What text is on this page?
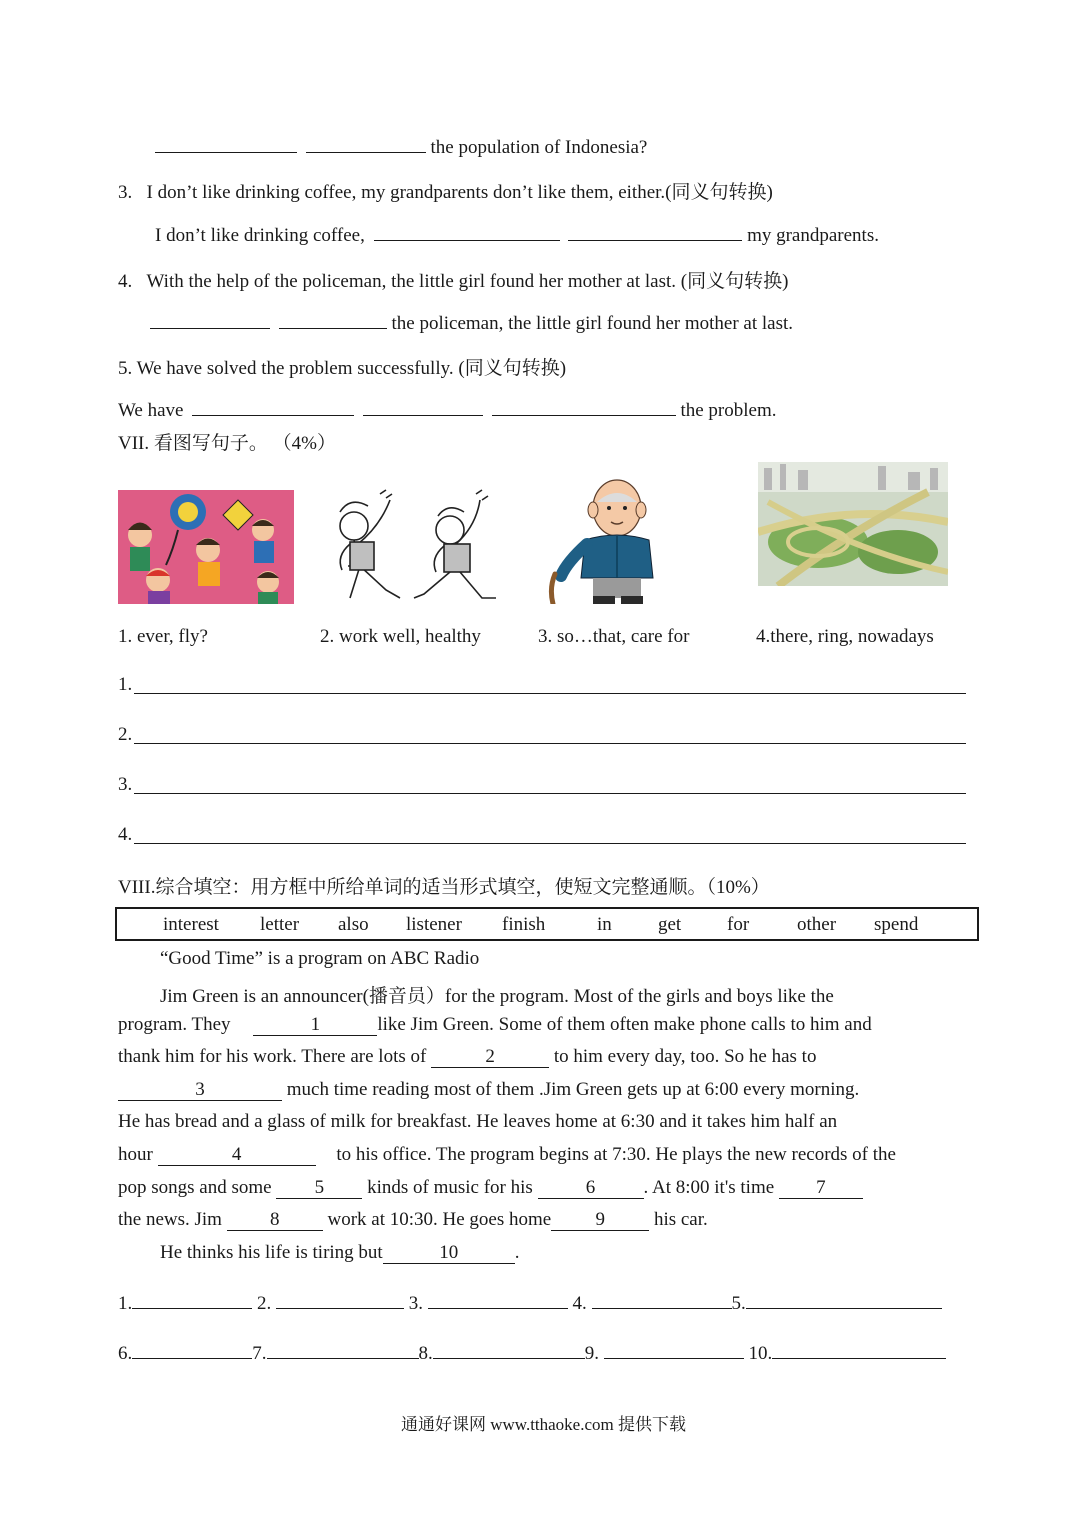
the population of Indonesia?
3.   I don’t like drinking coffee, my grandparents don’t like them, either.(同义句转换)
I don’t like drinking coffee,	my grandparents.
4.   With the help of the policeman, the little girl found her mother at last. (同义句转换)
the policeman, the little girl found her mother at last.
5. We have solved the problem successfully. (同义句转换)
We have	the problem.
VII. 看图写句子。 （4%）
1. ever, fly?	2. work well, healthy	3. so…that, care for	4.there, ring, nowadays
1.
2.
3.
4.
VIII.综合填空：用方框中所给单词的适当形式填空，使短文完整通顺。（10%）
interest letter also listener finish	in get for	other spend
“Good Time” is a program on ABC Radio
Jim Green is an announcer(播音员）for the program. Most of the girls and boys like the
program. They	1	like Jim Green. Some of them often make phone calls to him and
thank him for his work. There are lots of	2	to him every day, too. So he has to
3	much time reading most of them .Jim Green gets up at 6:00 every morning.
He has bread and a glass of milk for breakfast. He leaves home at 6:30 and it takes him half an
hour	4	to his office. The program begins at 7:30. He plays the new records of the
pop songs and some 5 kinds of music for his	6	. At 8:00 it's time 7
the news. Jim	8	work at 10:30. He goes home 9	his car.
He thinks his life is tiring but	10	.
1.	2.	3.	4.	5.
6.	7.	8.	9.	10.
通通好课网 www.tthaoke.com 提供下载
